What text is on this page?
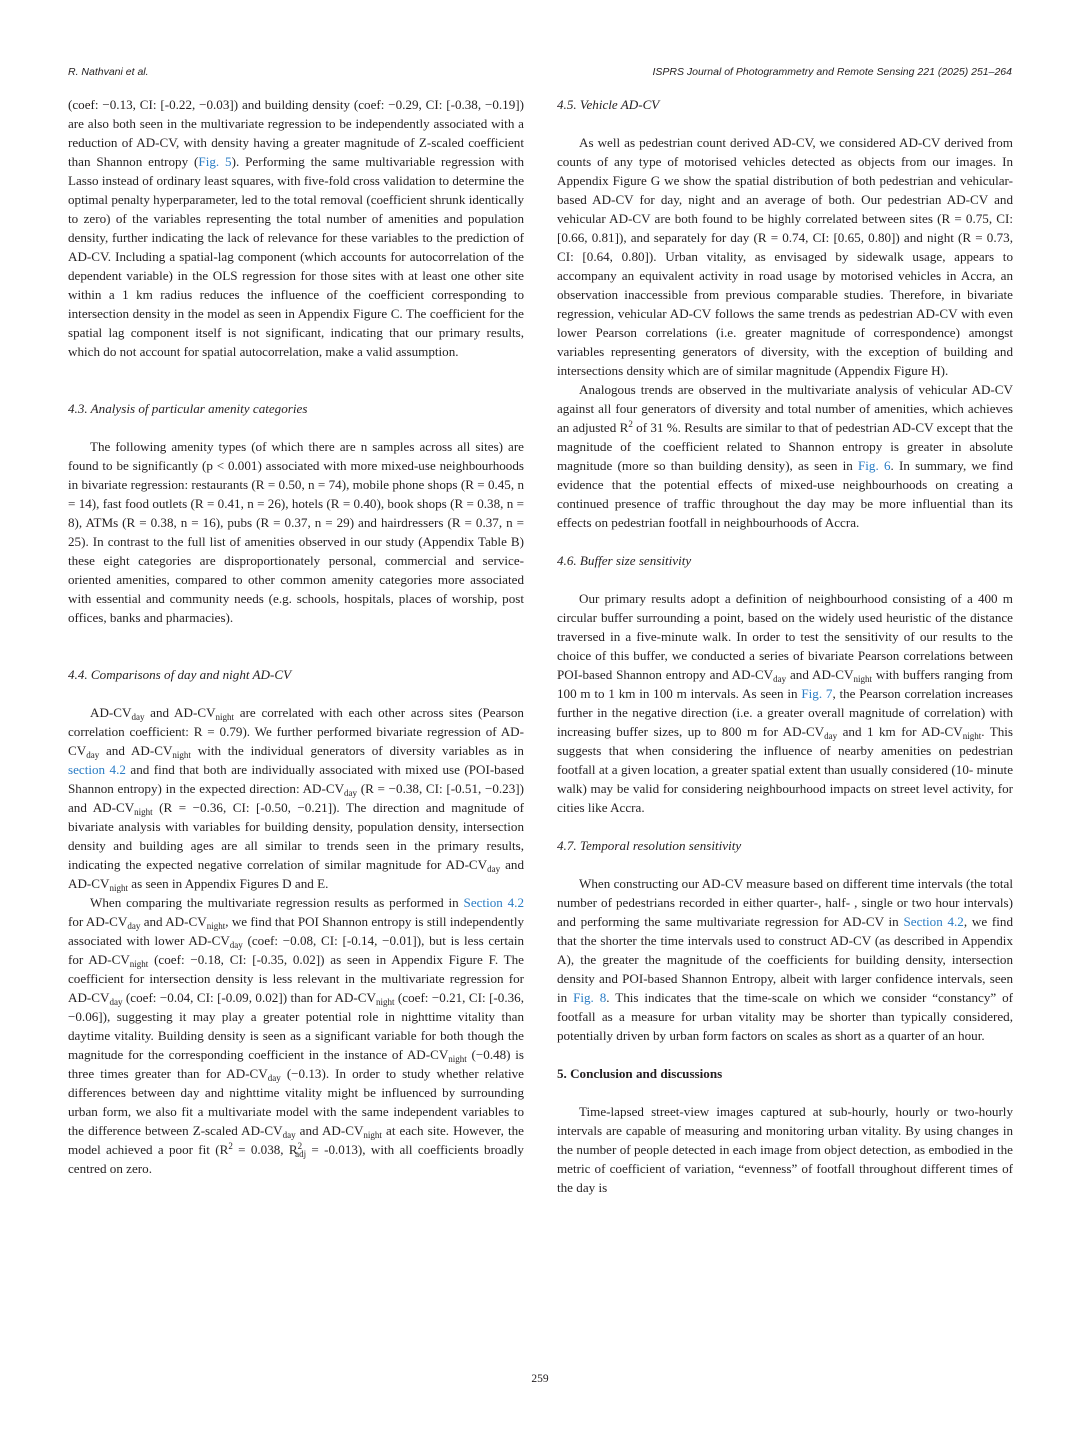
R. Nathvani et al.	ISPRS Journal of Photogrammetry and Remote Sensing 221 (2025) 251–264

(coef: −0.13, CI: [-0.22, −0.03]) and building density (coef: −0.29, CI: [-0.38, −0.19]) are also both seen in the multivariate regression to be independently associated with a reduction of AD-CV, with density having a greater magnitude of Z-scaled coefficient than Shannon entropy (Fig. 5). Performing the same multivariable regression with Lasso instead of ordinary least squares, with five-fold cross validation to determine the optimal penalty hyperparameter, led to the total removal (coefficient shrunk identically to zero) of the variables representing the total number of amenities and population density, further indicating the lack of relevance for these variables to the prediction of AD-CV. Including a spatial-lag component (which accounts for autocorrelation of the dependent variable) in the OLS regression for those sites with at least one other site within a 1 km radius reduces the influence of the coefficient corresponding to intersection density in the model as seen in Appendix Figure C. The coefficient for the spatial lag component itself is not significant, indicating that our primary results, which do not account for spatial autocorrelation, make a valid assumption.

4.3. Analysis of particular amenity categories

The following amenity types (of which there are n samples across all sites) are found to be significantly (p < 0.001) associated with more mixed-use neighbourhoods in bivariate regression: restaurants (R = 0.50, n = 74), mobile phone shops (R = 0.45, n = 14), fast food outlets (R = 0.41, n = 26), hotels (R = 0.40), book shops (R = 0.38, n = 8), ATMs (R = 0.38, n = 16), pubs (R = 0.37, n = 29) and hairdressers (R = 0.37, n = 25). In contrast to the full list of amenities observed in our study (Appendix Table B) these eight categories are disproportionately personal, commercial and service-oriented amenities, compared to other common amenity categories more associated with essential and community needs (e.g. schools, hospitals, places of worship, post offices, banks and pharmacies).

4.4. Comparisons of day and night AD-CV

$AD-CV_{day}$ and $AD-CV_{night}$ are correlated with each other across sites (Pearson correlation coefficient: R = 0.79). We further performed bivariate regression of $AD-CV_{day}$ and $AD-CV_{night}$ with the individual generators of diversity variables as in section 4.2 and find that both are individually associated with mixed use (POI-based Shannon entropy) in the expected direction: $AD-CV_{day}$ (R = −0.38, CI: [-0.51, −0.23]) and $AD-CV_{night}$ (R = −0.36, CI: [-0.50, −0.21]). The direction and magnitude of bivariate analysis with variables for building density, population density, intersection density and building ages are all similar to trends seen in the primary results, indicating the expected negative correlation of similar magnitude for $AD-CV_{day}$ and $AD-CV_{night}$ as seen in Appendix Figures D and E.

When comparing the multivariate regression results as performed in Section 4.2 for $AD-CV_{day}$ and $AD-CV_{night}$, we find that POI Shannon entropy is still independently associated with lower $AD-CV_{day}$ (coef: −0.08, CI: [-0.14, −0.01]), but is less certain for $AD-CV_{night}$ (coef: −0.18, CI: [-0.35, 0.02]) as seen in Appendix Figure F. The coefficient for intersection density is less relevant in the multivariate regression for $AD-CV_{day}$ (coef: −0.04, CI: [-0.09, 0.02]) than for $AD-CV_{night}$ (coef: −0.21, CI: [-0.36, −0.06]), suggesting it may play a greater potential role in nighttime vitality than daytime vitality. Building density is seen as a significant variable for both though the magnitude for the corresponding coefficient in the instance of $AD-CV_{night}$ (−0.48) is three times greater than for $AD-CV_{day}$ (−0.13). In order to study whether relative differences between day and nighttime vitality might be influenced by surrounding urban form, we also fit a multivariate model with the same independent variables to the difference between Z-scaled $AD-CV_{day}$ and $AD-CV_{night}$ at each site. However, the model achieved a poor fit ($R^2 = 0.038$, $R^2_{adj} = -0.013$), with all coefficients broadly centred on zero.

4.5. Vehicle AD-CV

As well as pedestrian count derived AD-CV, we considered AD-CV derived from counts of any type of motorised vehicles detected as objects from our images. In Appendix Figure G we show the spatial distribution of both pedestrian and vehicular-based AD-CV for day, night and an average of both. Our pedestrian AD-CV and vehicular AD-CV are both found to be highly correlated between sites (R = 0.75, CI: [0.66, 0.81]), and separately for day (R = 0.74, CI: [0.65, 0.80]) and night (R = 0.73, CI: [0.64, 0.80]). Urban vitality, as envisaged by sidewalk usage, appears to accompany an equivalent activity in road usage by motorised vehicles in Accra, an observation inaccessible from previous comparable studies. Therefore, in bivariate regression, vehicular AD-CV follows the same trends as pedestrian AD-CV with even lower Pearson correlations (i.e. greater magnitude of correspondence) amongst variables representing generators of diversity, with the exception of building and intersections density which are of similar magnitude (Appendix Figure H).

Analogous trends are observed in the multivariate analysis of vehicular AD-CV against all four generators of diversity and total number of amenities, which achieves an adjusted $R^2$ of 31 %. Results are similar to that of pedestrian AD-CV except that the magnitude of the coefficient related to Shannon entropy is greater in absolute magnitude (more so than building density), as seen in Fig. 6. In summary, we find evidence that the potential effects of mixed-use neighbourhoods on creating a continued presence of traffic throughout the day may be more influential than its effects on pedestrian footfall in neighbourhoods of Accra.

4.6. Buffer size sensitivity

Our primary results adopt a definition of neighbourhood consisting of a 400 m circular buffer surrounding a point, based on the widely used heuristic of the distance traversed in a five-minute walk. In order to test the sensitivity of our results to the choice of this buffer, we conducted a series of bivariate Pearson correlations between POI-based Shannon entropy and $AD-CV_{day}$ and $AD-CV_{night}$ with buffers ranging from 100 m to 1 km in 100 m intervals. As seen in Fig. 7, the Pearson correlation increases further in the negative direction (i.e. a greater overall magnitude of correlation) with increasing buffer sizes, up to 800 m for $AD-CV_{day}$ and 1 km for $AD-CV_{night}$. This suggests that when considering the influence of nearby amenities on pedestrian footfall at a given location, a greater spatial extent than usually considered (10- minute walk) may be valid for considering neighbourhood impacts on street level activity, for cities like Accra.

4.7. Temporal resolution sensitivity

When constructing our AD-CV measure based on different time intervals (the total number of pedestrians recorded in either quarter-, half- , single or two hour intervals) and performing the same multivariate regression for AD-CV in Section 4.2, we find that the shorter the time intervals used to construct AD-CV (as described in Appendix A), the greater the magnitude of the coefficients for building density, intersection density and POI-based Shannon Entropy, albeit with larger confidence intervals, seen in Fig. 8. This indicates that the time-scale on which we consider “constancy” of footfall as a measure for urban vitality may be shorter than typically considered, potentially driven by urban form factors on scales as short as a quarter of an hour.

5. Conclusion and discussions

Time-lapsed street-view images captured at sub-hourly, hourly or two-hourly intervals are capable of measuring and monitoring urban vitality. By using changes in the number of people detected in each image from object detection, as embodied in the metric of coefficient of variation, “evenness” of footfall throughout different times of the day is

259
